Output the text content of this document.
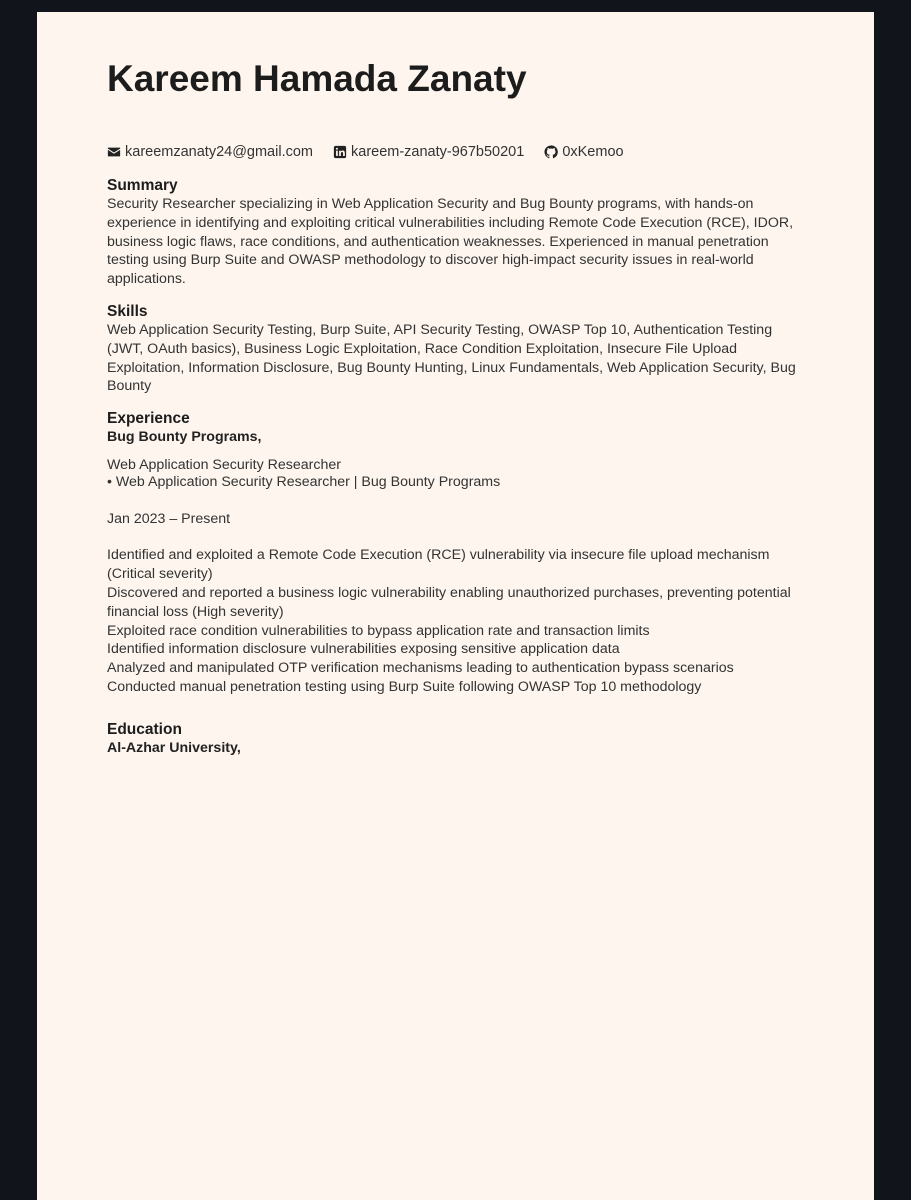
Kareem Hamada Zanaty
kareemzanaty24@gmail.com	kareem-zanaty-967b50201	0xKemoo
Summary
Security Researcher specializing in Web Application Security and Bug Bounty programs, with hands-on experience in identifying and exploiting critical vulnerabilities including Remote Code Execution (RCE), IDOR, business logic flaws, race conditions, and authentication weaknesses. Experienced in manual penetration testing using Burp Suite and OWASP methodology to discover high-impact security issues in real-world applications.
Skills
Web Application Security Testing, Burp Suite, API Security Testing, OWASP Top 10, Authentication Testing (JWT, OAuth basics), Business Logic Exploitation, Race Condition Exploitation, Insecure File Upload Exploitation, Information Disclosure, Bug Bounty Hunting, Linux Fundamentals, Web Application Security, Bug Bounty
Experience
Bug Bounty Programs,
Web Application Security Researcher
• Web Application Security Researcher | Bug Bounty Programs
Jan 2023 – Present
Identified and exploited a Remote Code Execution (RCE) vulnerability via insecure file upload mechanism (Critical severity)
Discovered and reported a business logic vulnerability enabling unauthorized purchases, preventing potential financial loss (High severity)
Exploited race condition vulnerabilities to bypass application rate and transaction limits
Identified information disclosure vulnerabilities exposing sensitive application data
Analyzed and manipulated OTP verification mechanisms leading to authentication bypass scenarios
Conducted manual penetration testing using Burp Suite following OWASP Top 10 methodology
Education
Al-Azhar University,
